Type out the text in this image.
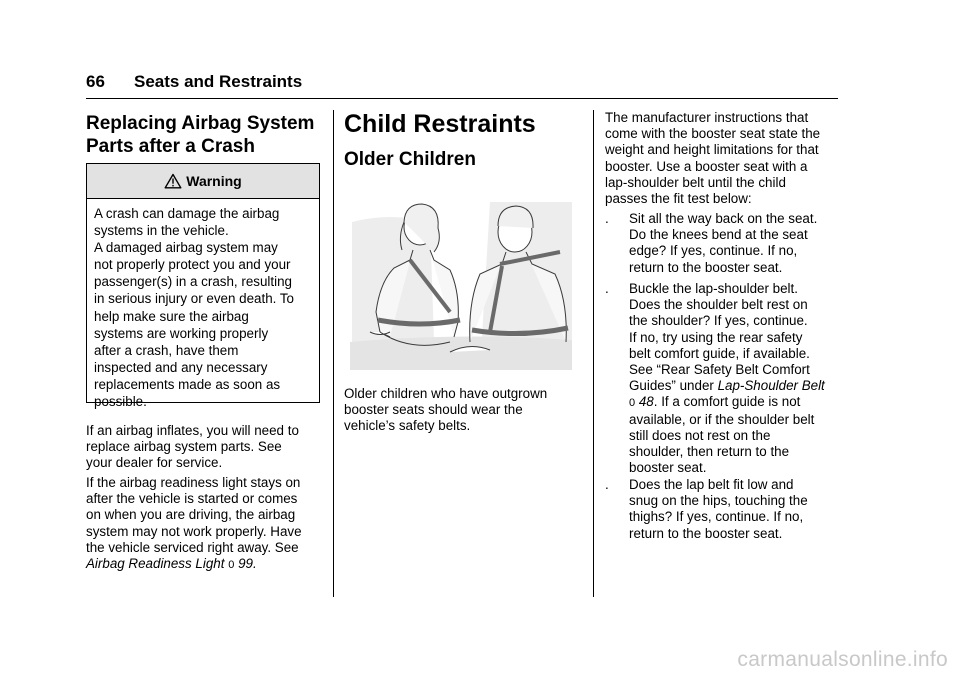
66 Seats and Restraints
Replacing Airbag System
Parts after a Crash
Warning
A crash can damage the airbag
systems in the vehicle.
A damaged airbag system may
not properly protect you and your
passenger(s) in a crash, resulting
in serious injury or even death. To
help make sure the airbag
systems are working properly
after a crash, have them
inspected and any necessary
replacements made as soon as
possible.
If an airbag inflates, you will need to
replace airbag system parts. See
your dealer for service.
If the airbag readiness light stays on
after the vehicle is started or comes
on when you are driving, the airbag
system may not work properly. Have
the vehicle serviced right away. See
Airbag Readiness Light 0 99.
Child Restraints
Older Children
Older children who have outgrown
booster seats should wear the
vehicle’s safety belts.
The manufacturer instructions that
come with the booster seat state the
weight and height limitations for that
booster. Use a booster seat with a
lap-shoulder belt until the child
passes the fit test below:
. Sit all the way back on the seat.
Do the knees bend at the seat
edge? If yes, continue. If no,
return to the booster seat.
. Buckle the lap-shoulder belt.
Does the shoulder belt rest on
the shoulder? If yes, continue.
If no, try using the rear safety
belt comfort guide, if available.
See “Rear Safety Belt Comfort
Guides” under Lap-Shoulder Belt
0 48. If a comfort guide is not
available, or if the shoulder belt
still does not rest on the
shoulder, then return to the
booster seat.
. Does the lap belt fit low and
snug on the hips, touching the
thighs? If yes, continue. If no,
return to the booster seat.
carmanualsonline.info
